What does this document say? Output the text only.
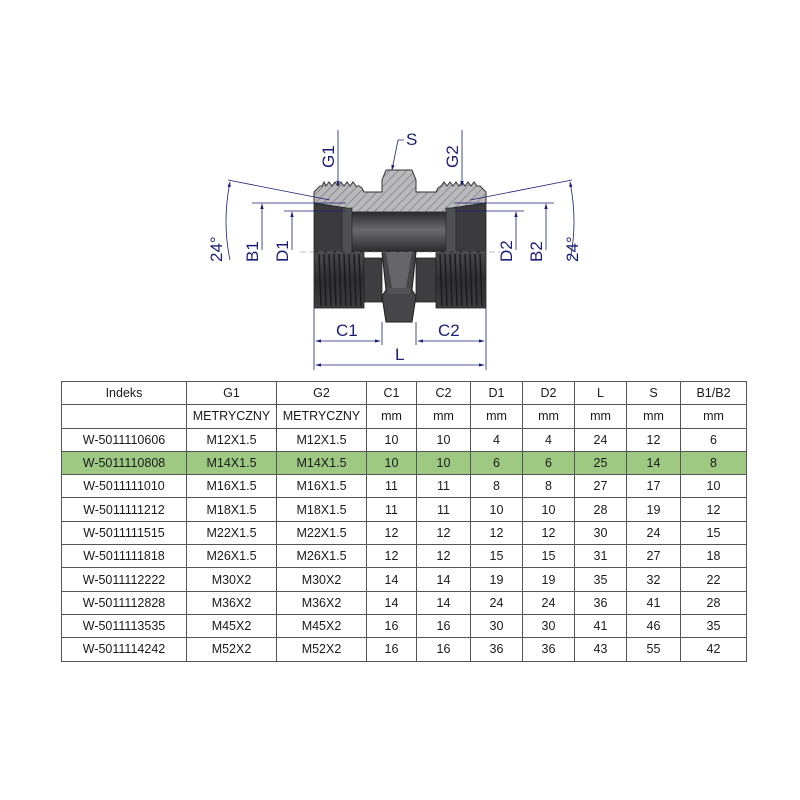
G1	G2
S
24° B1 D1	D2 B2 24°
C1	C2
L
Indeks	G1	G2	C1	C2	D1	D2	L	S	B1/B2
	METRYCZNY	METRYCZNY	mm	mm	mm	mm	mm	mm	mm
W-5011110606	M12X1.5	M12X1.5	10	10	4	4	24	12	6
W-5011110808	M14X1.5	M14X1.5	10	10	6	6	25	14	8
W-5011111010	M16X1.5	M16X1.5	11	11	8	8	27	17	10
W-5011111212	M18X1.5	M18X1.5	11	11	10	10	28	19	12
W-5011111515	M22X1.5	M22X1.5	12	12	12	12	30	24	15
W-5011111818	M26X1.5	M26X1.5	12	12	15	15	31	27	18
W-5011112222	M30X2	M30X2	14	14	19	19	35	32	22
W-5011112828	M36X2	M36X2	14	14	24	24	36	41	28
W-5011113535	M45X2	M45X2	16	16	30	30	41	46	35
W-5011114242	M52X2	M52X2	16	16	36	36	43	55	42
